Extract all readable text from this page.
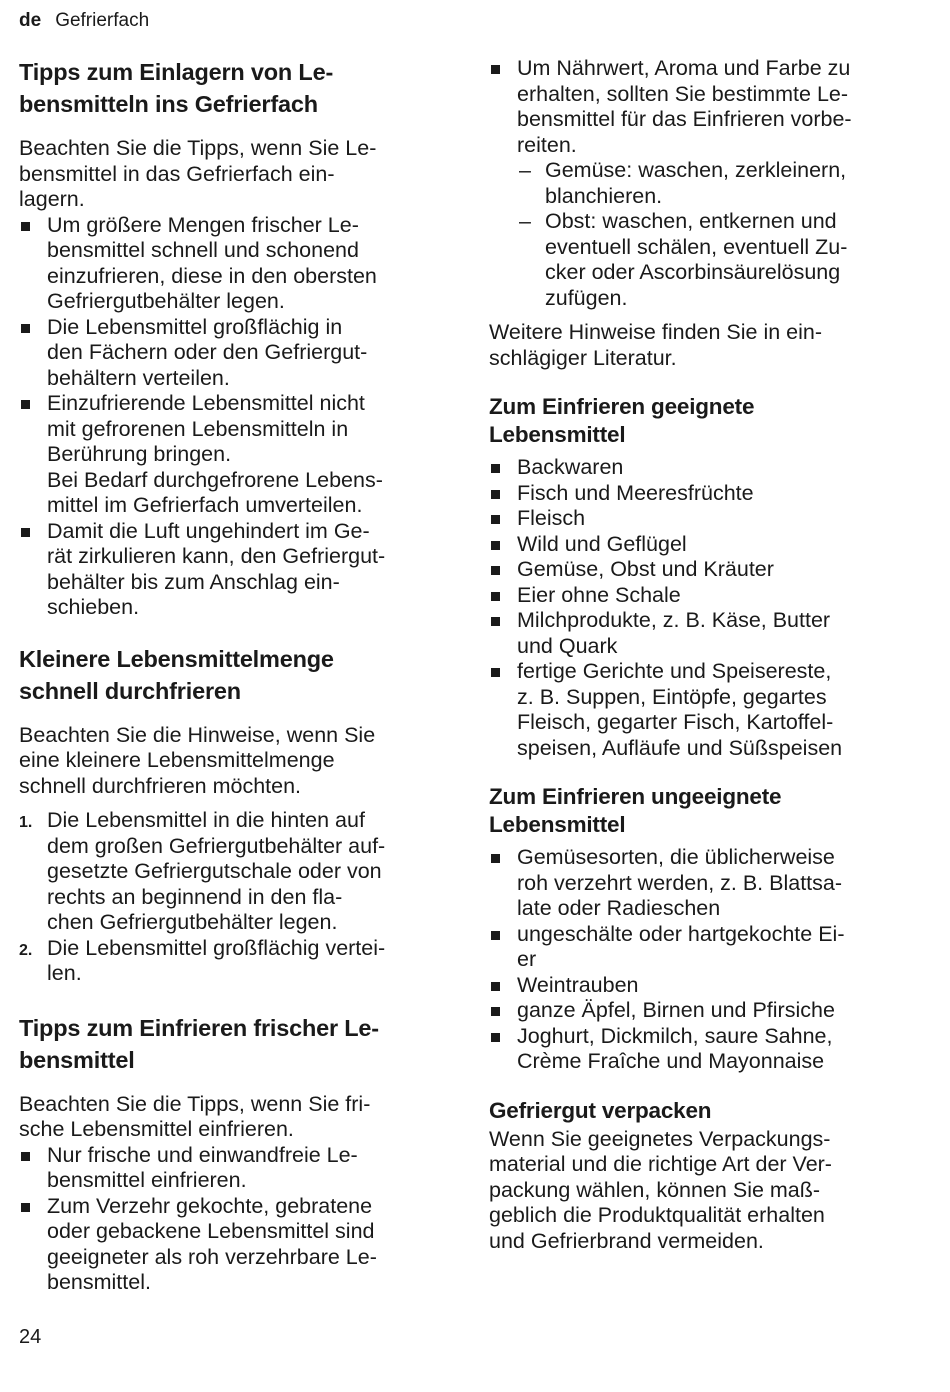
de Gefrierfach
Tipps zum Einlagern von Le-
bensmitteln ins Gefrierfach
Beachten Sie die Tipps, wenn Sie Le-
bensmittel in das Gefrierfach ein-
lagern.
Um größere Mengen frischer Le-
bensmittel schnell und schonend
einzufrieren, diese in den obersten
Gefriergutbehälter legen.
Die Lebensmittel großflächig in
den Fächern oder den Gefriergut-
behältern verteilen.
Einzufrierende Lebensmittel nicht
mit gefrorenen Lebensmitteln in
Berührung bringen.
Bei Bedarf durchgefrorene Lebens-
mittel im Gefrierfach umverteilen.
Damit die Luft ungehindert im Ge-
rät zirkulieren kann, den Gefriergut-
behälter bis zum Anschlag ein-
schieben.
Kleinere Lebensmittelmenge
schnell durchfrieren
Beachten Sie die Hinweise, wenn Sie
eine kleinere Lebensmittelmenge
schnell durchfrieren möchten.
1. Die Lebensmittel in die hinten auf
dem großen Gefriergutbehälter auf-
gesetzte Gefriergutschale oder von
rechts an beginnend in den fla-
chen Gefriergutbehälter legen.
2. Die Lebensmittel großflächig vertei-
len.
Tipps zum Einfrieren frischer Le-
bensmittel
Beachten Sie die Tipps, wenn Sie fri-
sche Lebensmittel einfrieren.
Nur frische und einwandfreie Le-
bensmittel einfrieren.
Zum Verzehr gekochte, gebratene
oder gebackene Lebensmittel sind
geeigneter als roh verzehrbare Le-
bensmittel.
Um Nährwert, Aroma und Farbe zu
erhalten, sollten Sie bestimmte Le-
bensmittel für das Einfrieren vorbe-
reiten.
– Gemüse: waschen, zerkleinern,
blanchieren.
– Obst: waschen, entkernen und
eventuell schälen, eventuell Zu-
cker oder Ascorbinsäurelösung
zufügen.
Weitere Hinweise finden Sie in ein-
schlägiger Literatur.
Zum Einfrieren geeignete
Lebensmittel
Backwaren
Fisch und Meeresfrüchte
Fleisch
Wild und Geflügel
Gemüse, Obst und Kräuter
Eier ohne Schale
Milchprodukte, z. B. Käse, Butter
und Quark
fertige Gerichte und Speisereste,
z. B. Suppen, Eintöpfe, gegartes
Fleisch, gegarter Fisch, Kartoffel-
speisen, Aufläufe und Süßspeisen
Zum Einfrieren ungeeignete
Lebensmittel
Gemüsesorten, die üblicherweise
roh verzehrt werden, z. B. Blattsa-
late oder Radieschen
ungeschälte oder hartgekochte Ei-
er
Weintrauben
ganze Äpfel, Birnen und Pfirsiche
Joghurt, Dickmilch, saure Sahne,
Crème Fraîche und Mayonnaise
Gefriergut verpacken
Wenn Sie geeignetes Verpackungs-
material und die richtige Art der Ver-
packung wählen, können Sie maß-
geblich die Produktqualität erhalten
und Gefrierbrand vermeiden.
24
